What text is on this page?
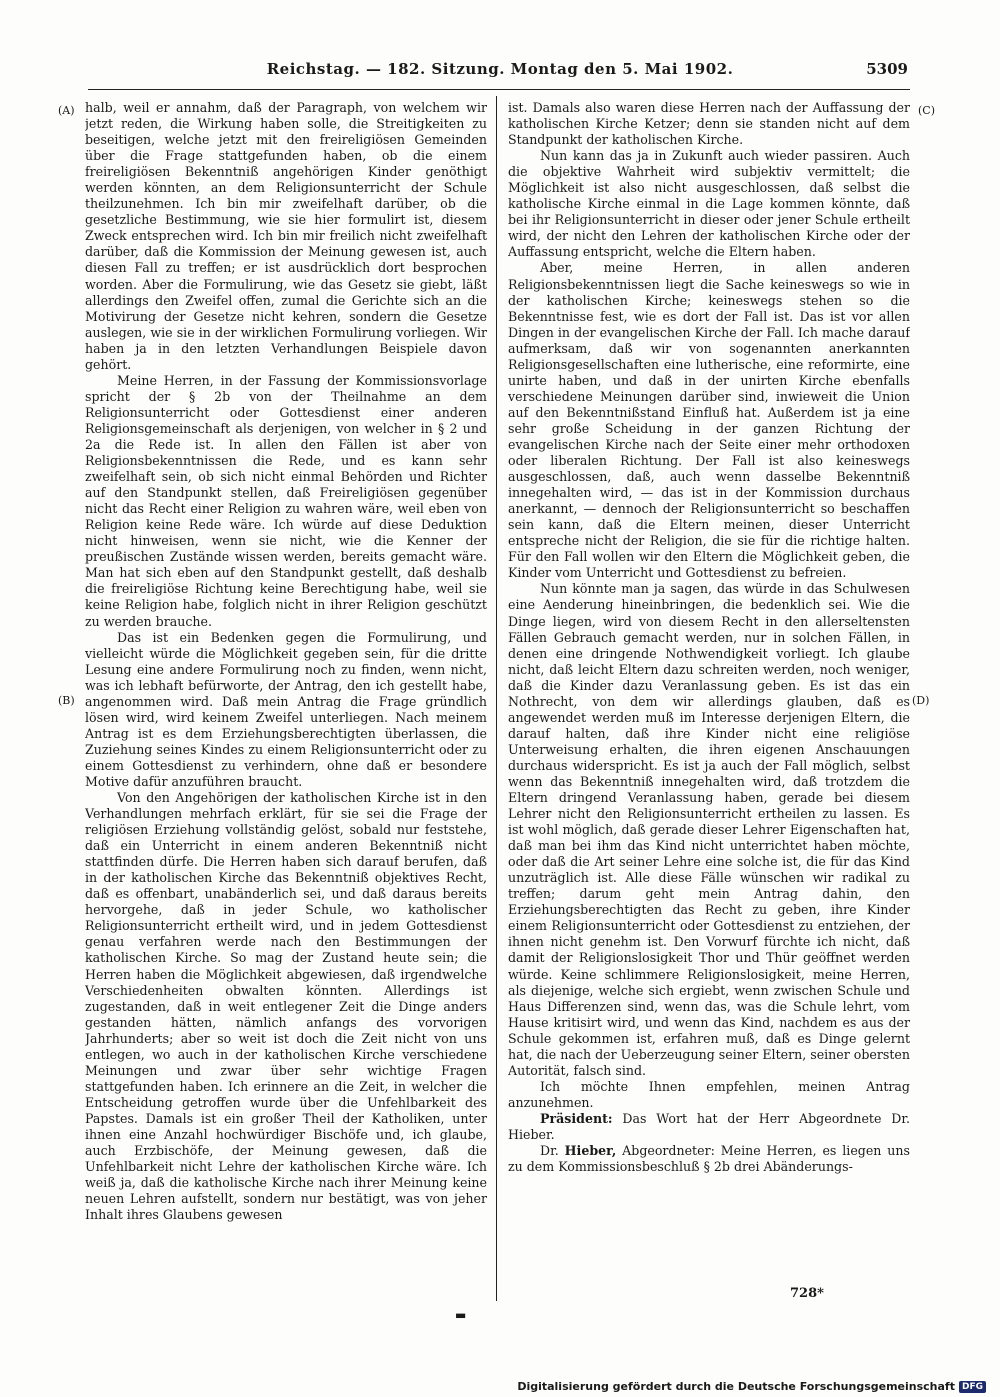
Reichstag. — 182. Sitzung. Montag den 5. Mai 1902.	5309
(A)
(B)
(C)
(D)

halb, weil er annahm, daß der Paragraph, von welchem wir jetzt reden, die Wirkung haben solle, die Streitigkeiten zu beseitigen, welche jetzt mit den freireligiösen Gemeinden über die Frage stattgefunden haben, ob die einem freireligiösen Bekenntniß angehörigen Kinder genöthigt werden könnten, an dem Religionsunterricht der Schule theilzunehmen. Ich bin mir zweifelhaft darüber, ob die gesetzliche Bestimmung, wie sie hier formulirt ist, diesem Zweck entsprechen wird. Ich bin mir freilich nicht zweifelhaft darüber, daß die Kommission der Meinung gewesen ist, auch diesen Fall zu treffen; er ist ausdrücklich dort besprochen worden. Aber die Formulirung, wie das Gesetz sie giebt, läßt allerdings den Zweifel offen, zumal die Gerichte sich an die Motivirung der Gesetze nicht kehren, sondern die Gesetze auslegen, wie sie in der wirklichen Formulirung vorliegen. Wir haben ja in den letzten Verhandlungen Beispiele davon gehört.

Meine Herren, in der Fassung der Kommissionsvorlage spricht der § 2b von der Theilnahme an dem Religionsunterricht oder Gottesdienst einer anderen Religionsgemeinschaft als derjenigen, von welcher in § 2 und 2a die Rede ist. In allen den Fällen ist aber von Religionsbekenntnissen die Rede, und es kann sehr zweifelhaft sein, ob sich nicht einmal Behörden und Richter auf den Standpunkt stellen, daß Freireligiösen gegenüber nicht das Recht einer Religion zu wahren wäre, weil eben von Religion keine Rede wäre. Ich würde auf diese Deduktion nicht hinweisen, wenn sie nicht, wie die Kenner der preußischen Zustände wissen werden, bereits gemacht wäre. Man hat sich eben auf den Standpunkt gestellt, daß deshalb die freireligiöse Richtung keine Berechtigung habe, weil sie keine Religion habe, folglich nicht in ihrer Religion geschützt zu werden brauche.

Das ist ein Bedenken gegen die Formulirung, und vielleicht würde die Möglichkeit gegeben sein, für die dritte Lesung eine andere Formulirung noch zu finden, wenn nicht, was ich lebhaft befürworte, der Antrag, den ich gestellt habe, angenommen wird. Daß mein Antrag die Frage gründlich lösen wird, wird keinem Zweifel unterliegen. Nach meinem Antrag ist es dem Erziehungsberechtigten überlassen, die Zuziehung seines Kindes zu einem Religionsunterricht oder zu einem Gottesdienst zu verhindern, ohne daß er besondere Motive dafür anzuführen braucht.

Von den Angehörigen der katholischen Kirche ist in den Verhandlungen mehrfach erklärt, für sie sei die Frage der religiösen Erziehung vollständig gelöst, sobald nur feststehe, daß ein Unterricht in einem anderen Bekenntniß nicht stattfinden dürfe. Die Herren haben sich darauf berufen, daß in der katholischen Kirche das Bekenntniß objektives Recht, daß es offenbart, unabänderlich sei, und daß daraus bereits hervorgehe, daß in jeder Schule, wo katholischer Religionsunterricht ertheilt wird, und in jedem Gottesdienst genau verfahren werde nach den Bestimmungen der katholischen Kirche. So mag der Zustand heute sein; die Herren haben die Möglichkeit abgewiesen, daß irgendwelche Verschiedenheiten obwalten könnten. Allerdings ist zugestanden, daß in weit entlegener Zeit die Dinge anders gestanden hätten, nämlich anfangs des vorvorigen Jahrhunderts; aber so weit ist doch die Zeit nicht von uns entlegen, wo auch in der katholischen Kirche verschiedene Meinungen und zwar über sehr wichtige Fragen stattgefunden haben. Ich erinnere an die Zeit, in welcher die Entscheidung getroffen wurde über die Unfehlbarkeit des Papstes. Damals ist ein großer Theil der Katholiken, unter ihnen eine Anzahl hochwürdiger Bischöfe und, ich glaube, auch Erzbischöfe, der Meinung gewesen, daß die Unfehlbarkeit nicht Lehre der katholischen Kirche wäre. Ich weiß ja, daß die katholische Kirche nach ihrer Meinung keine neuen Lehren aufstellt, sondern nur bestätigt, was von jeher Inhalt ihres Glaubens gewesen

ist. Damals also waren diese Herren nach der Auffassung der katholischen Kirche Ketzer; denn sie standen nicht auf dem Standpunkt der katholischen Kirche.

Nun kann das ja in Zukunft auch wieder passiren. Auch die objektive Wahrheit wird subjektiv vermittelt; die Möglichkeit ist also nicht ausgeschlossen, daß selbst die katholische Kirche einmal in die Lage kommen könnte, daß bei ihr Religionsunterricht in dieser oder jener Schule ertheilt wird, der nicht den Lehren der katholischen Kirche oder der Auffassung entspricht, welche die Eltern haben.

Aber, meine Herren, in allen anderen Religionsbekenntnissen liegt die Sache keineswegs so wie in der katholischen Kirche; keineswegs stehen so die Bekenntnisse fest, wie es dort der Fall ist. Das ist vor allen Dingen in der evangelischen Kirche der Fall. Ich mache darauf aufmerksam, daß wir von sogenannten anerkannten Religionsgesellschaften eine lutherische, eine reformirte, eine unirte haben, und daß in der unirten Kirche ebenfalls verschiedene Meinungen darüber sind, inwieweit die Union auf den Bekenntnißstand Einfluß hat. Außerdem ist ja eine sehr große Scheidung in der ganzen Richtung der evangelischen Kirche nach der Seite einer mehr orthodoxen oder liberalen Richtung. Der Fall ist also keineswegs ausgeschlossen, daß, auch wenn dasselbe Bekenntniß innegehalten wird, — das ist in der Kommission durchaus anerkannt, — dennoch der Religionsunterricht so beschaffen sein kann, daß die Eltern meinen, dieser Unterricht entspreche nicht der Religion, die sie für die richtige halten. Für den Fall wollen wir den Eltern die Möglichkeit geben, die Kinder vom Unterricht und Gottesdienst zu befreien.

Nun könnte man ja sagen, das würde in das Schulwesen eine Aenderung hineinbringen, die bedenklich sei. Wie die Dinge liegen, wird von diesem Recht in den allerseltensten Fällen Gebrauch gemacht werden, nur in solchen Fällen, in denen eine dringende Nothwendigkeit vorliegt. Ich glaube nicht, daß leicht Eltern dazu schreiten werden, noch weniger, daß die Kinder dazu Veranlassung geben. Es ist das ein Nothrecht, von dem wir allerdings glauben, daß es angewendet werden muß im Interesse derjenigen Eltern, die darauf halten, daß ihre Kinder nicht eine religiöse Unterweisung erhalten, die ihren eigenen Anschauungen durchaus widerspricht. Es ist ja auch der Fall möglich, selbst wenn das Bekenntniß innegehalten wird, daß trotzdem die Eltern dringend Veranlassung haben, gerade bei diesem Lehrer nicht den Religionsunterricht ertheilen zu lassen. Es ist wohl möglich, daß gerade dieser Lehrer Eigenschaften hat, daß man bei ihm das Kind nicht unterrichtet haben möchte, oder daß die Art seiner Lehre eine solche ist, die für das Kind unzuträglich ist. Alle diese Fälle wünschen wir radikal zu treffen; darum geht mein Antrag dahin, den Erziehungsberechtigten das Recht zu geben, ihre Kinder einem Religionsunterricht oder Gottesdienst zu entziehen, der ihnen nicht genehm ist. Den Vorwurf fürchte ich nicht, daß damit der Religionslosigkeit Thor und Thür geöffnet werden würde. Keine schlimmere Religionslosigkeit, meine Herren, als diejenige, welche sich ergiebt, wenn zwischen Schule und Haus Differenzen sind, wenn das, was die Schule lehrt, vom Hause kritisirt wird, und wenn das Kind, nachdem es aus der Schule gekommen ist, erfahren muß, daß es Dinge gelernt hat, die nach der Ueberzeugung seiner Eltern, seiner obersten Autorität, falsch sind.

Ich möchte Ihnen empfehlen, meinen Antrag anzunehmen.

Präsident: Das Wort hat der Herr Abgeordnete Dr. Hieber.

Dr. Hieber, Abgeordneter: Meine Herren, es liegen uns zu dem Kommissionsbeschluß § 2b drei Abänderungs-

728*
▬
Digitalisierung gefördert durch die Deutsche Forschungsgemeinschaft DFG
